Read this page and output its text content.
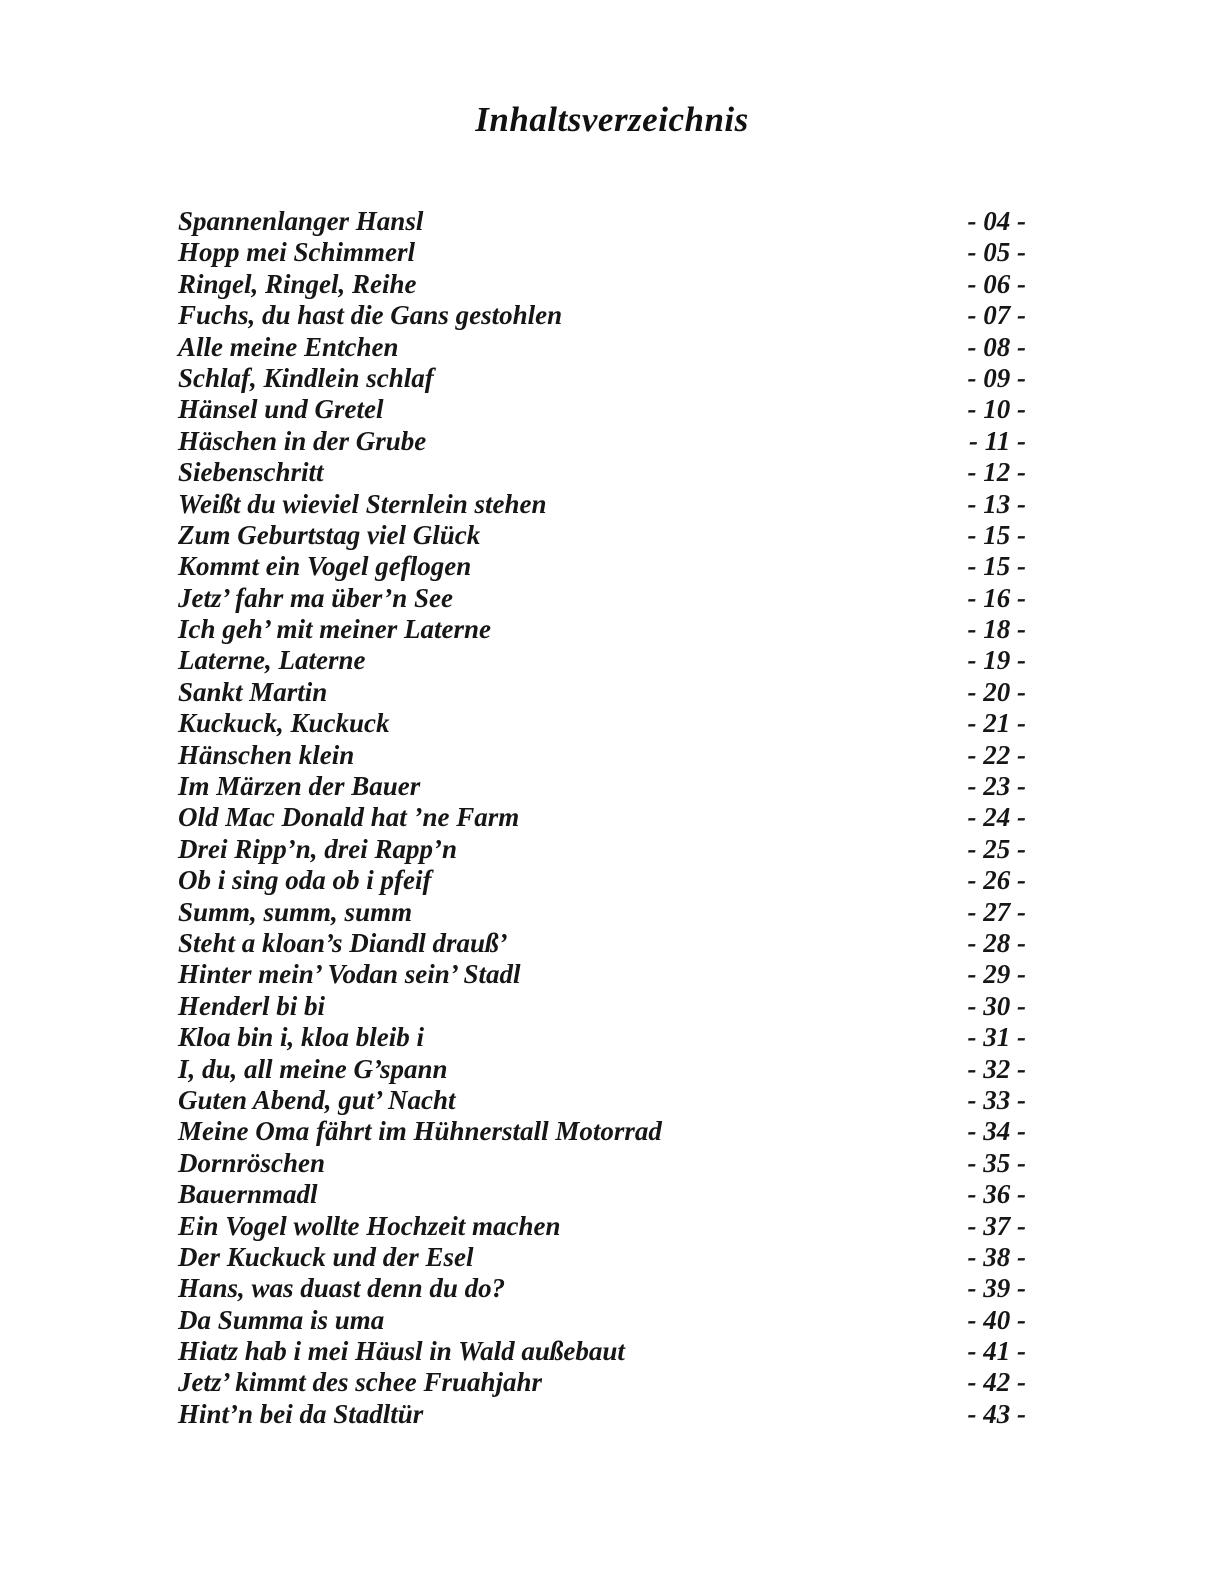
Inhaltsverzeichnis
Spannenlanger Hansl	- 04 -
Hopp mei Schimmerl	- 05 -
Ringel, Ringel, Reihe	- 06 -
Fuchs, du hast die Gans gestohlen	- 07 -
Alle meine Entchen	- 08 -
Schlaf, Kindlein schlaf	- 09 -
Hänsel und Gretel	- 10 -
Häschen in der Grube	- 11 -
Siebenschritt	- 12 -
Weißt du wieviel Sternlein stehen	- 13 -
Zum Geburtstag viel Glück	- 15 -
Kommt ein Vogel geflogen	- 15 -
Jetz’ fahr ma über’n See	- 16 -
Ich geh’ mit meiner Laterne	- 18 -
Laterne, Laterne	- 19 -
Sankt Martin	- 20 -
Kuckuck, Kuckuck	- 21 -
Hänschen klein	- 22 -
Im Märzen der Bauer	- 23 -
Old Mac Donald hat ’ne Farm	- 24 -
Drei Ripp’n, drei Rapp’n	- 25 -
Ob i sing oda ob i pfeif	- 26 -
Summ, summ, summ	- 27 -
Steht a kloan’s Diandl drauß’	- 28 -
Hinter mein’ Vodan sein’ Stadl	- 29 -
Henderl bi bi	- 30 -
Kloa bin i, kloa bleib i	- 31 -
I, du, all meine G’spann	- 32 -
Guten Abend, gut’ Nacht	- 33 -
Meine Oma fährt im Hühnerstall Motorrad	- 34 -
Dornröschen	- 35 -
Bauernmadl	- 36 -
Ein Vogel wollte Hochzeit machen	- 37 -
Der Kuckuck und der Esel	- 38 -
Hans, was duast denn du do?	- 39 -
Da Summa is uma	- 40 -
Hiatz hab i mei Häusl in Wald außebaut	- 41 -
Jetz’ kimmt des schee Fruahjahr	- 42 -
Hint’n bei da Stadltür	- 43 -
